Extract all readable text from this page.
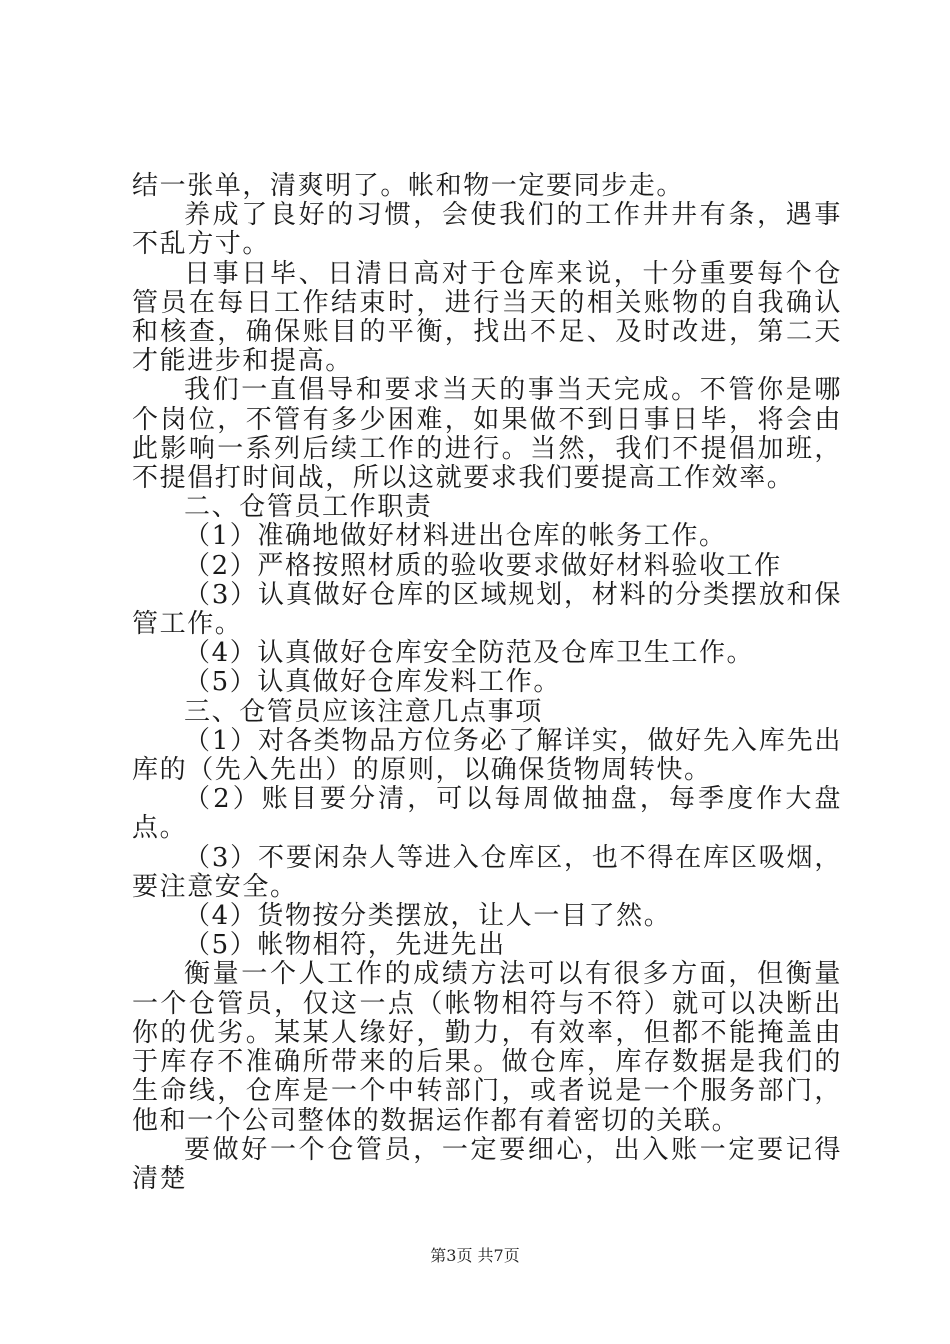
结一张单，清爽明了。帐和物一定要同步走。

养成了良好的习惯，会使我们的工作井井有条，遇事不乱方寸。

日事日毕、日清日高对于仓库来说，十分重要每个仓管员在每日工作结束时，进行当天的相关账物的自我确认和核查，确保账目的平衡，找出不足、及时改进，第二天才能进步和提高。

我们一直倡导和要求当天的事当天完成。不管你是哪个岗位，不管有多少困难，如果做不到日事日毕，将会由此影响一系列后续工作的进行。当然，我们不提倡加班，不提倡打时间战，所以这就要求我们要提高工作效率。

二、仓管员工作职责

（1）准确地做好材料进出仓库的帐务工作。

（2）严格按照材质的验收要求做好材料验收工作

（3）认真做好仓库的区域规划，材料的分类摆放和保管工作。

（4）认真做好仓库安全防范及仓库卫生工作。

（5）认真做好仓库发料工作。

三、仓管员应该注意几点事项

（1）对各类物品方位务必了解详实，做好先入库先出库的（先入先出）的原则，以确保货物周转快。

（2）账目要分清，可以每周做抽盘，每季度作大盘点。

（3）不要闲杂人等进入仓库区，也不得在库区吸烟，要注意安全。

（4）货物按分类摆放，让人一目了然。

（5）帐物相符，先进先出

衡量一个人工作的成绩方法可以有很多方面，但衡量一个仓管员，仅这一点（帐物相符与不符）就可以决断出你的优劣。某某人缘好，勤力，有效率，但都不能掩盖由于库存不准确所带来的后果。做仓库，库存数据是我们的生命线，仓库是一个中转部门，或者说是一个服务部门，他和一个公司整体的数据运作都有着密切的关联。

要做好一个仓管员，一定要细心，出入账一定要记得清楚

第3页 共7页
